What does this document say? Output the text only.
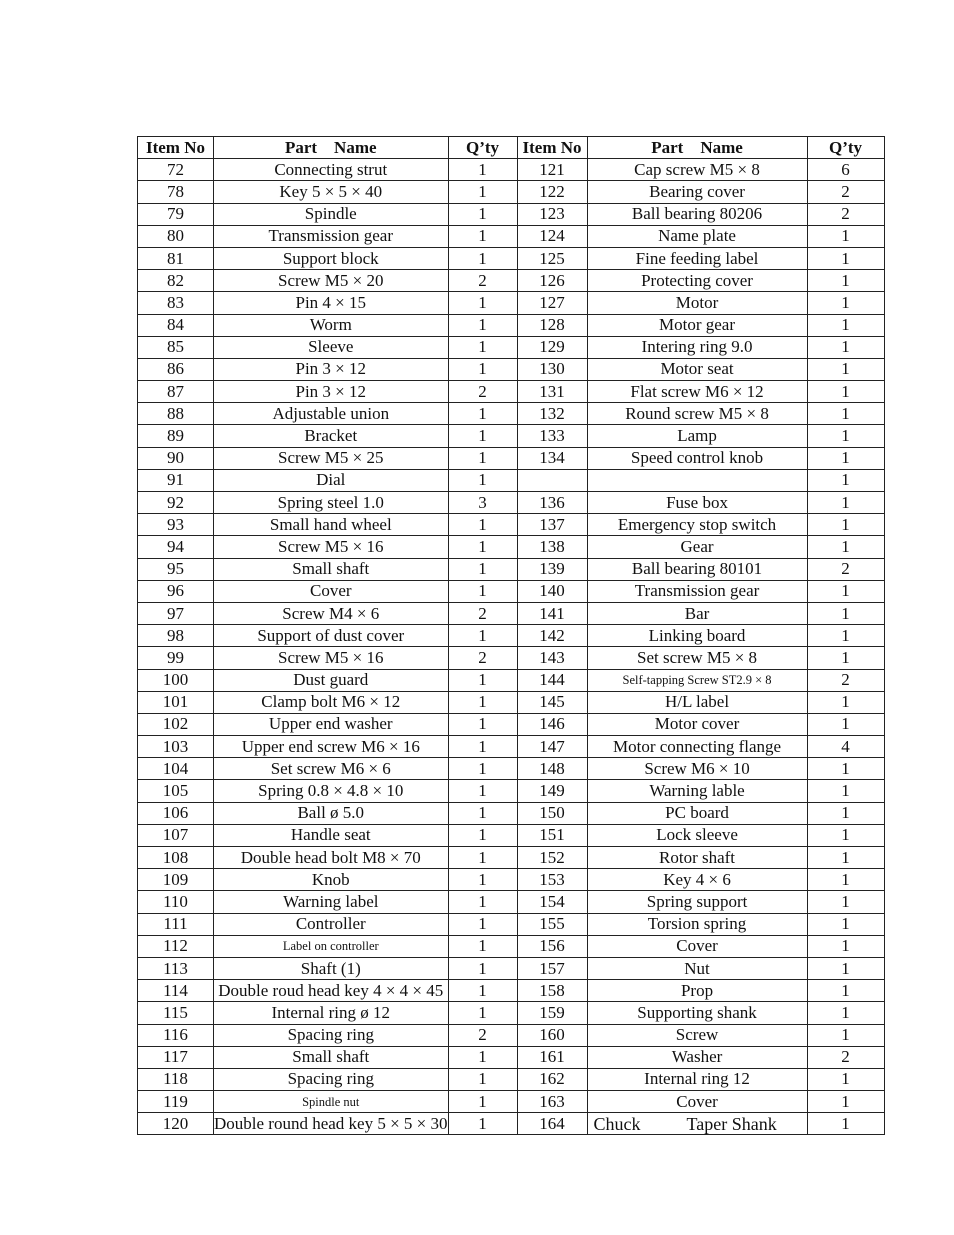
Item No	Part    Name	Q’ty	Item No	Part    Name	Q’ty
72	Connecting strut	1	121	Cap screw M5 × 8	6
78	Key 5 × 5 × 40	1	122	Bearing cover	2
79	Spindle	1	123	Ball bearing 80206	2
80	Transmission gear	1	124	Name plate	1
81	Support block	1	125	Fine feeding label	1
82	Screw M5 × 20	2	126	Protecting cover	1
83	Pin 4 × 15	1	127	Motor	1
84	Worm	1	128	Motor gear	1
85	Sleeve	1	129	Intering ring 9.0	1
86	Pin 3 × 12	1	130	Motor seat	1
87	Pin 3 × 12	2	131	Flat screw M6 × 12	1
88	Adjustable union	1	132	Round screw M5 × 8	1
89	Bracket	1	133	Lamp	1
90	Screw M5 × 25	1	134	Speed control knob	1
91	Dial	1			1
92	Spring steel 1.0	3	136	Fuse box	1
93	Small hand wheel	1	137	Emergency stop switch	1
94	Screw M5 × 16	1	138	Gear	1
95	Small shaft	1	139	Ball bearing 80101	2
96	Cover	1	140	Transmission gear	1
97	Screw M4 × 6	2	141	Bar	1
98	Support of dust cover	1	142	Linking board	1
99	Screw M5 × 16	2	143	Set screw M5 × 8	1
100	Dust guard	1	144	Self-tapping Screw ST2.9 × 8	2
101	Clamp bolt M6 × 12	1	145	H/L label	1
102	Upper end washer	1	146	Motor cover	1
103	Upper end screw M6 × 16	1	147	Motor connecting flange	4
104	Set screw M6 × 6	1	148	Screw M6 × 10	1
105	Spring 0.8 × 4.8 × 10	1	149	Warning lable	1
106	Ball ø 5.0	1	150	PC board	1
107	Handle seat	1	151	Lock sleeve	1
108	Double head bolt M8 × 70	1	152	Rotor shaft	1
109	Knob	1	153	Key 4 × 6	1
110	Warning label	1	154	Spring support	1
111	Controller	1	155	Torsion spring	1
112	Label on controller	1	156	Cover	1
113	Shaft (1)	1	157	Nut	1
114	Double roud head key 4 × 4 × 45	1	158	Prop	1
115	Internal ring ø 12	1	159	Supporting shank	1
116	Spacing ring	2	160	Screw	1
117	Small shaft	1	161	Washer	2
118	Spacing ring	1	162	Internal ring 12	1
119	Spindle nut	1	163	Cover	1
120	Double round head key 5 × 5 × 30	1	164	Chuck Taper Shank	1
